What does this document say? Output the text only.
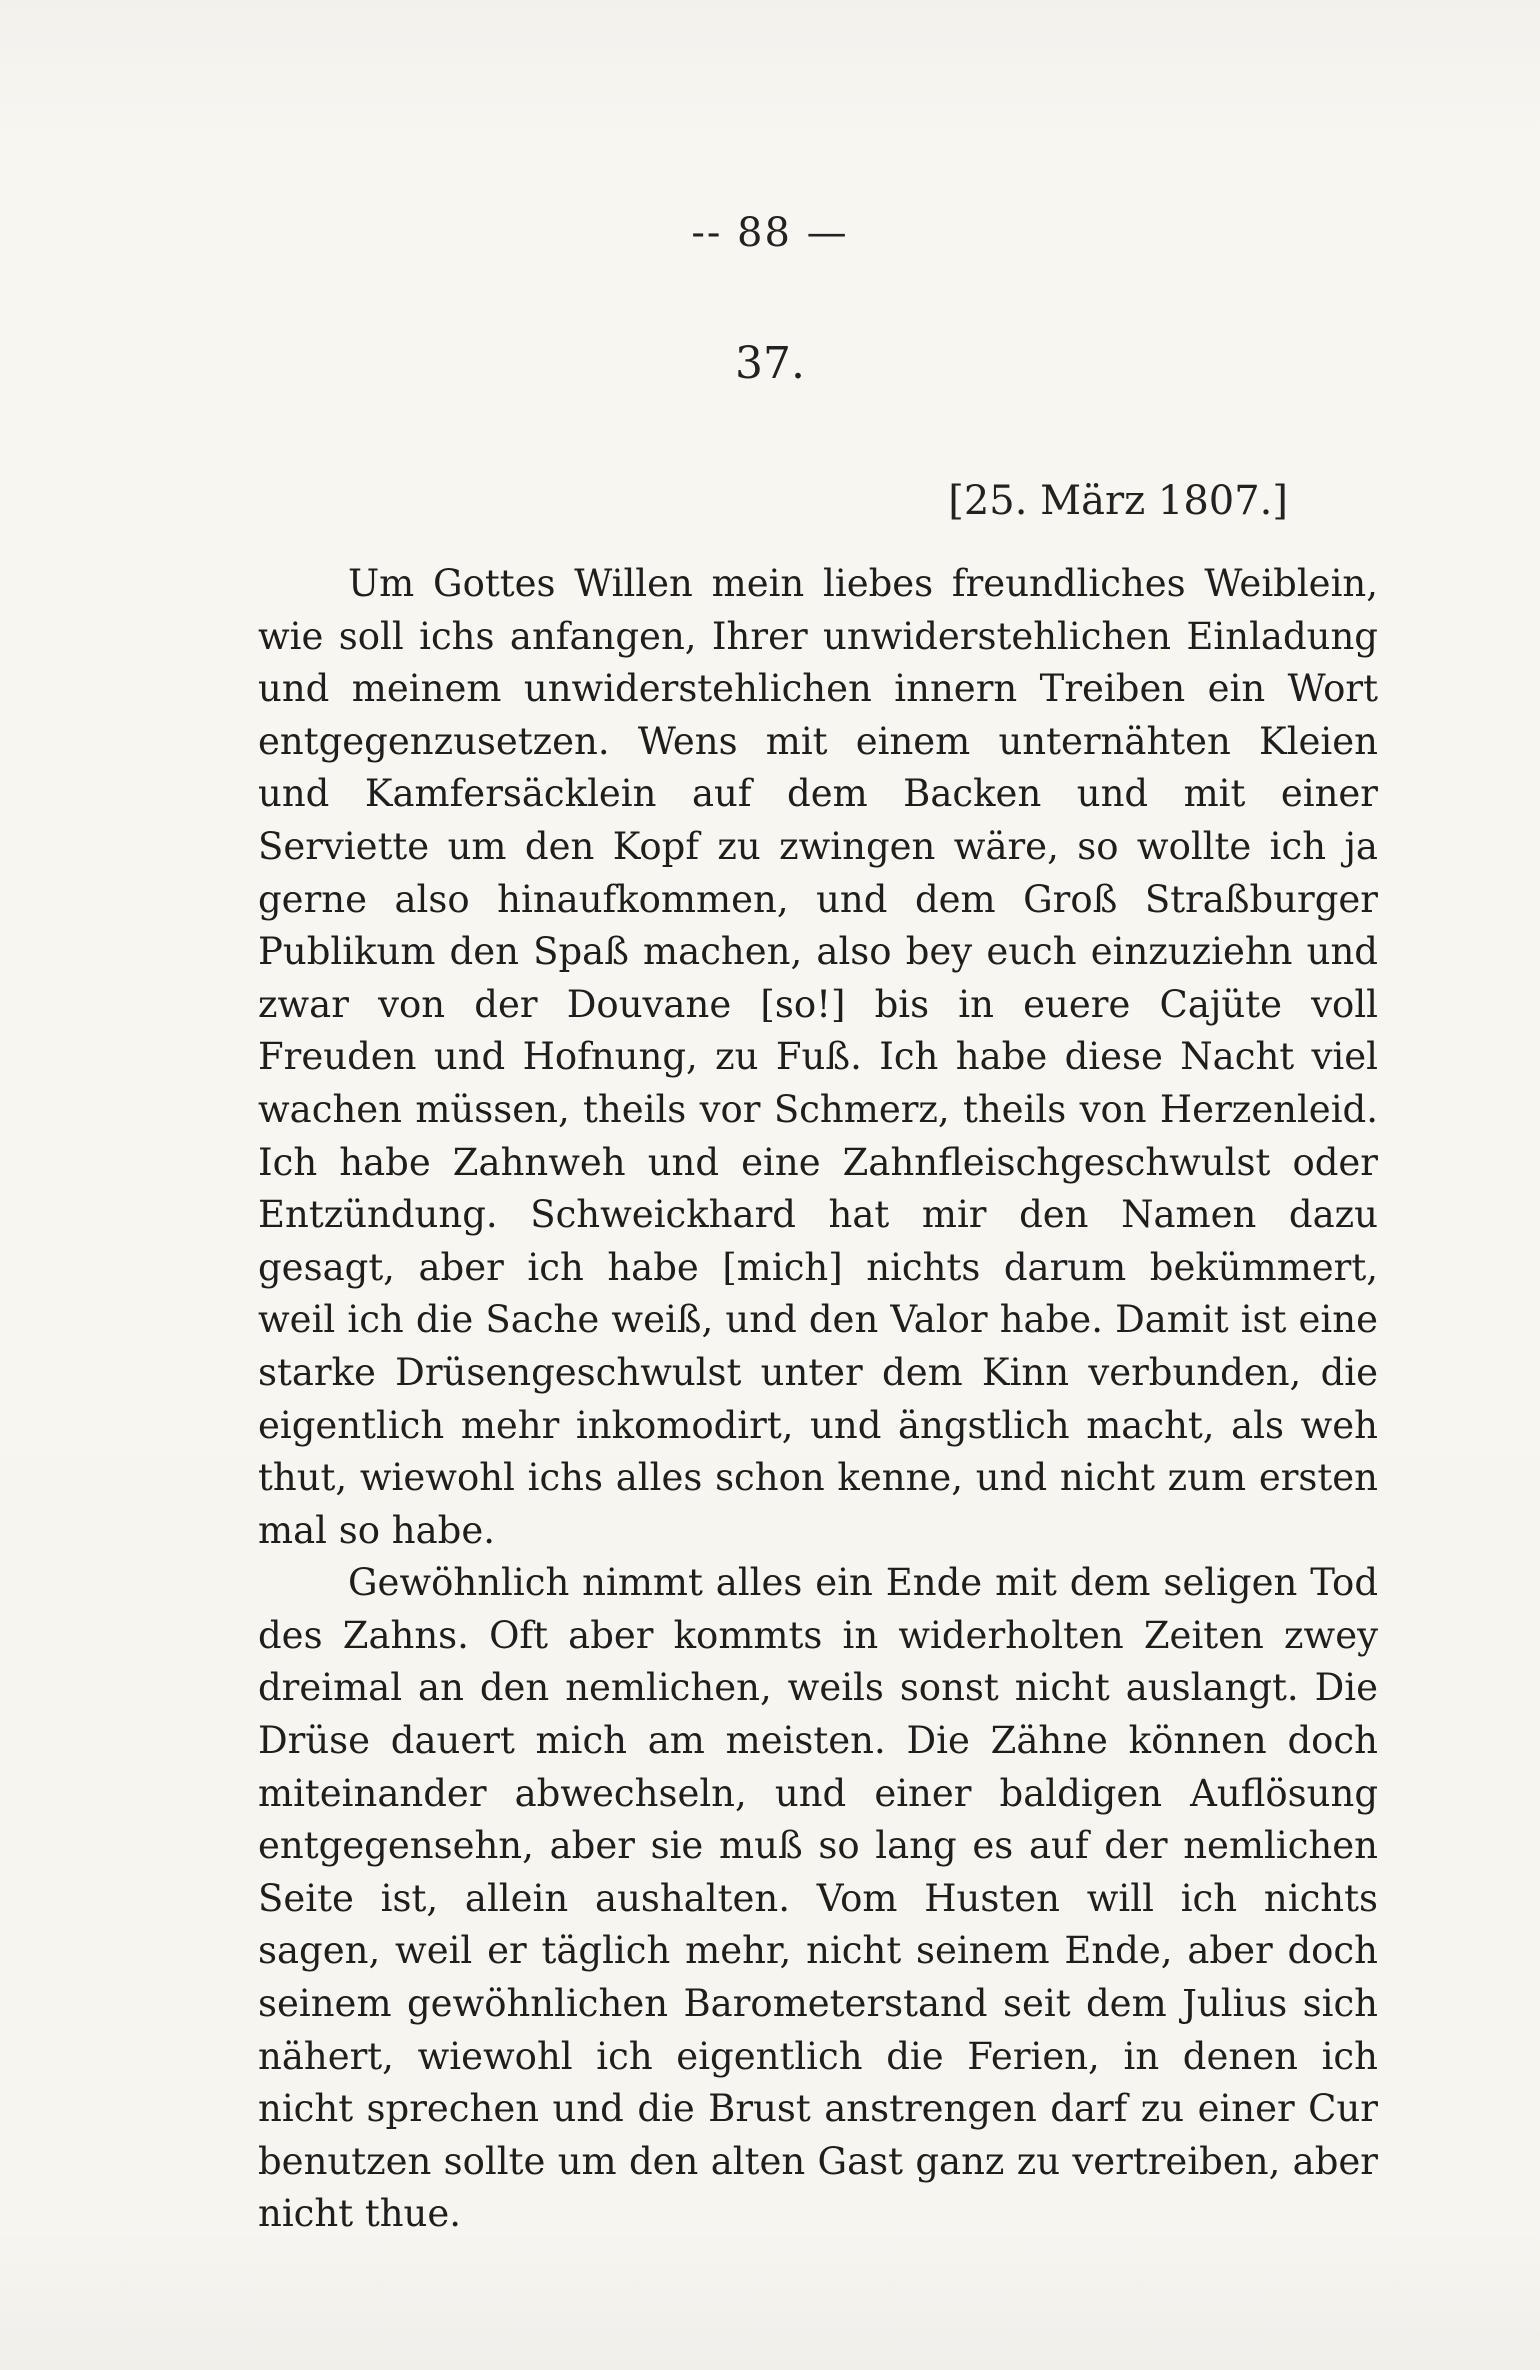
-- 88 —
37.
[25. März 1807.]

Um Gottes Willen mein liebes freundliches Weiblein, wie soll ichs anfangen, Ihrer unwiderstehlichen Einladung und meinem unwiderstehlichen innern Treiben ein Wort entgegenzusetzen. Wens mit einem unternähten Kleien und Kamfersäcklein auf dem Backen und mit einer Serviette um den Kopf zu zwingen wäre, so wollte ich ja gerne also hinaufkommen, und dem Groß Straßburger Publikum den Spaß machen, also bey euch einzuziehn und zwar von der Douvane [so!] bis in euere Cajüte voll Freuden und Hofnung, zu Fuß. Ich habe diese Nacht viel wachen müssen, theils vor Schmerz, theils von Herzenleid. Ich habe Zahnweh und eine Zahnfleischgeschwulst oder Entzündung. Schweickhard hat mir den Namen dazu gesagt, aber ich habe [mich] nichts darum bekümmert, weil ich die Sache weiß, und den Valor habe. Damit ist eine starke Drüsengeschwulst unter dem Kinn verbunden, die eigentlich mehr inkomodirt, und ängstlich macht, als weh thut, wiewohl ichs alles schon kenne, und nicht zum ersten mal so habe.

Gewöhnlich nimmt alles ein Ende mit dem seligen Tod des Zahns. Oft aber kommts in widerholten Zeiten zwey dreimal an den nemlichen, weils sonst nicht auslangt. Die Drüse dauert mich am meisten. Die Zähne können doch miteinander abwechseln, und einer baldigen Auflösung entgegensehn, aber sie muß so lang es auf der nemlichen Seite ist, allein aushalten. Vom Husten will ich nichts sagen, weil er täglich mehr, nicht seinem Ende, aber doch seinem gewöhnlichen Barometerstand seit dem Julius sich nähert, wiewohl ich eigentlich die Ferien, in denen ich nicht sprechen und die Brust anstrengen darf zu einer Cur benutzen sollte um den alten Gast ganz zu vertreiben, aber nicht thue.
